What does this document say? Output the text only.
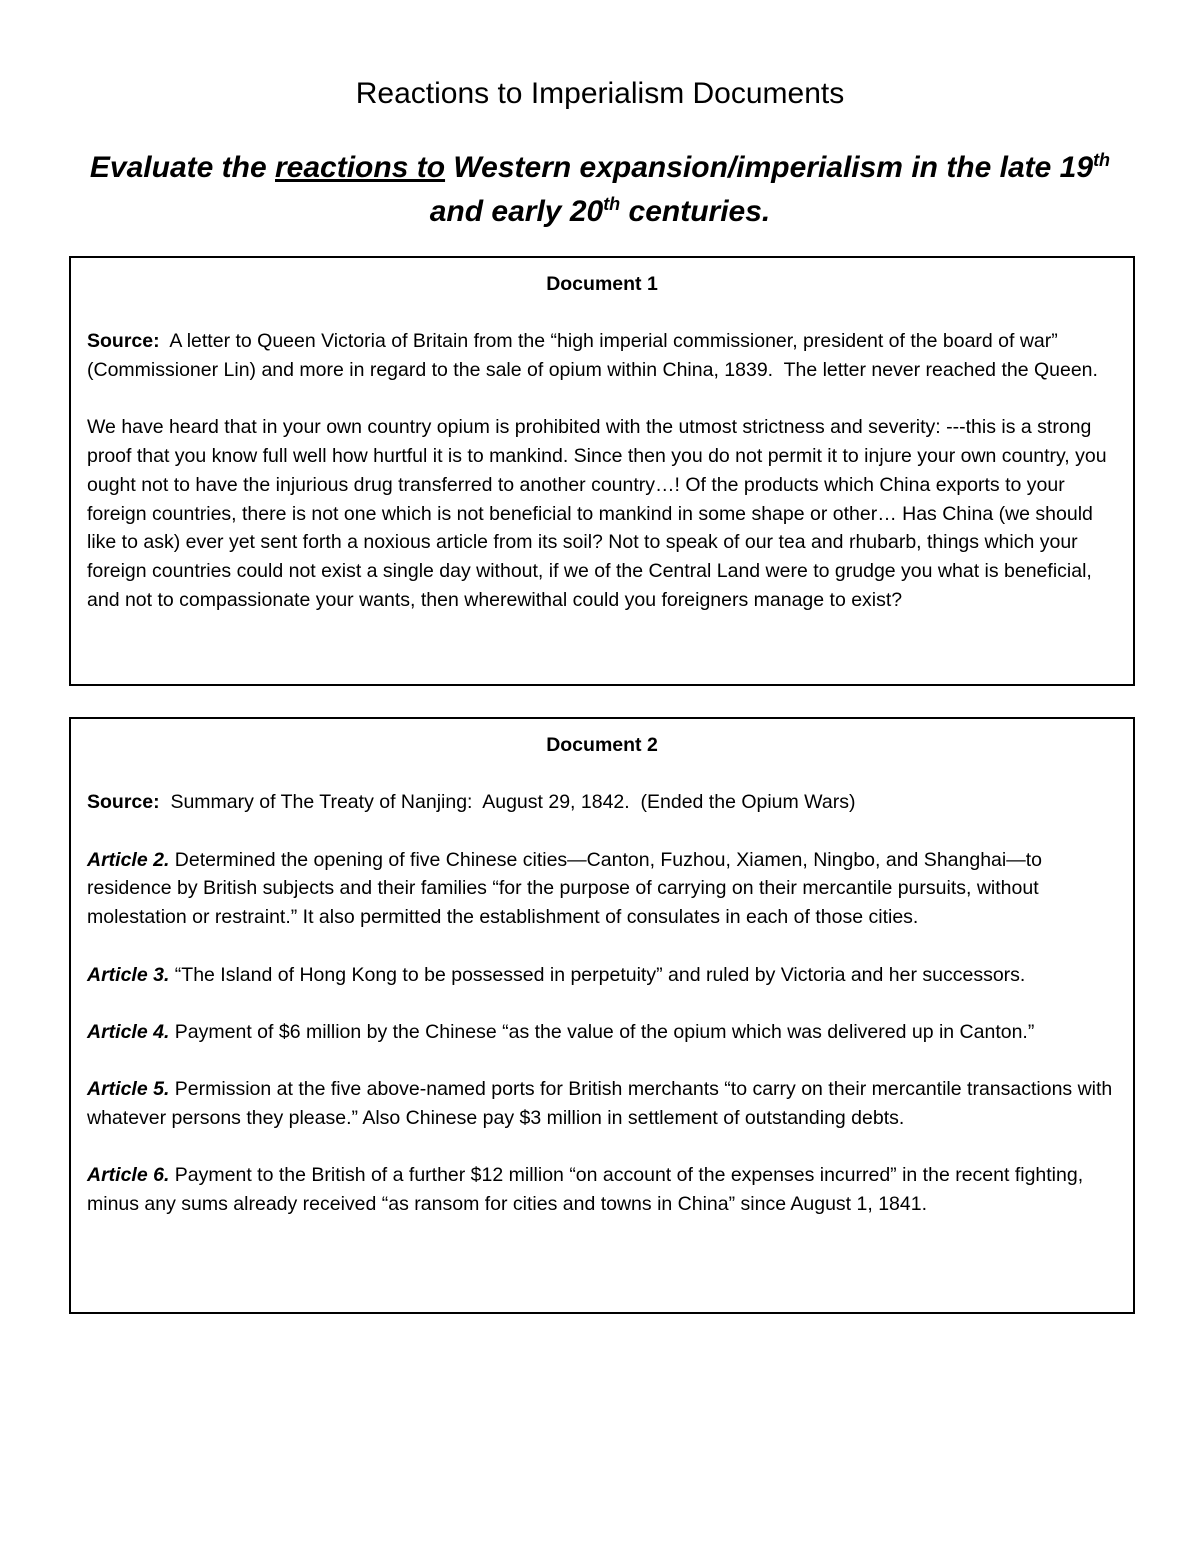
Reactions to Imperialism Documents
Evaluate the reactions to Western expansion/imperialism in the late 19th and early 20th centuries.
Document 1
Source:  A letter to Queen Victoria of Britain from the “high imperial commissioner, president of the board of war” (Commissioner Lin) and more in regard to the sale of opium within China, 1839.  The letter never reached the Queen.
We have heard that in your own country opium is prohibited with the utmost strictness and severity: ---this is a strong proof that you know full well how hurtful it is to mankind. Since then you do not permit it to injure your own country, you ought not to have the injurious drug transferred to another country…! Of the products which China exports to your foreign countries, there is not one which is not beneficial to mankind in some shape or other… Has China (we should like to ask) ever yet sent forth a noxious article from its soil? Not to speak of our tea and rhubarb, things which your foreign countries could not exist a single day without, if we of the Central Land were to grudge you what is beneficial, and not to compassionate your wants, then wherewithal could you foreigners manage to exist?
Document 2
Source:  Summary of The Treaty of Nanjing:  August 29, 1842.  (Ended the Opium Wars)
Article 2. Determined the opening of five Chinese cities—Canton, Fuzhou, Xiamen, Ningbo, and Shanghai—to residence by British subjects and their families “for the purpose of carrying on their mercantile pursuits, without molestation or restraint.” It also permitted the establishment of consulates in each of those cities.
Article 3. “The Island of Hong Kong to be possessed in perpetuity” and ruled by Victoria and her successors.
Article 4. Payment of $6 million by the Chinese “as the value of the opium which was delivered up in Canton.”
Article 5. Permission at the five above-named ports for British merchants “to carry on their mercantile transactions with whatever persons they please.” Also Chinese pay $3 million in settlement of outstanding debts.
Article 6. Payment to the British of a further $12 million “on account of the expenses incurred” in the recent fighting, minus any sums already received “as ransom for cities and towns in China” since August 1, 1841.
